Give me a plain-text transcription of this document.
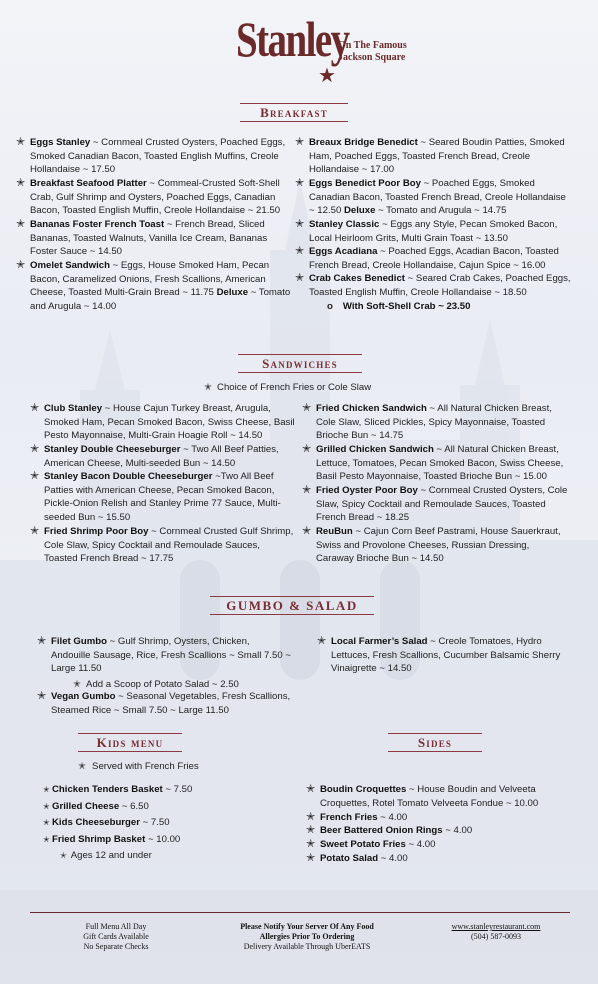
Stanley
★
On The Famous
Jackson Square
Breakfast
✭ Eggs Stanley ~ Cornmeal Crusted Oysters, Poached Eggs, Smoked Canadian Bacon, Toasted English Muffins, Creole Hollandaise ~ 17.50
✭ Breakfast Seafood Platter ~ Commeal-Crusted Soft-Shell Crab, Gulf Shrimp and Oysters, Poached Eggs, Canadian Bacon, Toasted English Muffin, Creole Hollandaise ~ 21.50
✭ Bananas Foster French Toast ~ French Bread, Sliced Bananas, Toasted Walnuts, Vanilla Ice Cream, Bananas Foster Sauce ~ 14.50
✭ Omelet Sandwich ~ Eggs, House Smoked Ham, Pecan Bacon, Caramelized Onions, Fresh Scallions, American Cheese, Toasted Multi-Grain Bread ~ 11.75 Deluxe ~ Tomato and Arugula ~ 14.00
✭ Breaux Bridge Benedict ~ Seared Boudin Patties, Smoked Ham, Poached Eggs, Toasted French Bread, Creole Hollandaise ~ 17.00
✭ Eggs Benedict Poor Boy ~ Poached Eggs, Smoked Canadian Bacon, Toasted French Bread, Creole Hollandaise ~ 12.50 Deluxe ~ Tomato and Arugula ~ 14.75
✭ Stanley Classic ~ Eggs any Style, Pecan Smoked Bacon, Local Heirloom Grits, Multi Grain Toast ~ 13.50
✭ Eggs Acadiana ~ Poached Eggs, Acadian Bacon, Toasted French Bread, Creole Hollandaise, Cajun Spice ~ 16.00
✭ Crab Cakes Benedict ~ Seared Crab Cakes, Poached Eggs, Toasted English Muffin, Creole Hollandaise ~ 18.50
o With Soft-Shell Crab ~ 23.50
Sandwiches
✭ Choice of French Fries or Cole Slaw
✭ Club Stanley ~ House Cajun Turkey Breast, Arugula, Smoked Ham, Pecan Smoked Bacon, Swiss Cheese, Basil Pesto Mayonnaise, Multi-Grain Hoagie Roll ~ 14.50
✭ Stanley Double Cheeseburger ~ Two All Beef Patties, American Cheese, Multi-seeded Bun ~ 14.50
✭ Stanley Bacon Double Cheeseburger ~Two All Beef Patties with American Cheese, Pecan Smoked Bacon, Pickle-Onion Relish and Stanley Prime 77 Sauce, Multi-seeded Bun ~ 15.50
✭ Fried Shrimp Poor Boy ~ Cornmeal Crusted Gulf Shrimp, Cole Slaw, Spicy Cocktail and Remoulade Sauces, Toasted French Bread ~ 17.75
✭ Fried Chicken Sandwich ~ All Natural Chicken Breast, Cole Slaw, Sliced Pickles, Spicy Mayonnaise, Toasted Brioche Bun ~ 14.75
✭ Grilled Chicken Sandwich ~ All Natural Chicken Breast, Lettuce, Tomatoes, Pecan Smoked Bacon, Swiss Cheese, Basil Pesto Mayonnaise, Toasted Brioche Bun ~ 15.00
✭ Fried Oyster Poor Boy ~ Cornmeal Crusted Oysters, Cole Slaw, Spicy Cocktail and Remoulade Sauces, Toasted French Bread ~ 18.25
✭ ReuBun ~ Cajun Corn Beef Pastrami, House Sauerkraut, Swiss and Provolone Cheeses, Russian Dressing, Caraway Brioche Bun ~ 14.50
GUMBO & SALAD
✭ Filet Gumbo ~ Gulf Shrimp, Oysters, Chicken, Andouille Sausage, Rice, Fresh Scallions ~ Small 7.50 ~ Large 11.50
✭ Add a Scoop of Potato Salad ~ 2.50
✭ Vegan Gumbo ~ Seasonal Vegetables, Fresh Scallions, Steamed Rice ~ Small 7.50 ~ Large 11.50
✭ Local Farmer’s Salad ~ Creole Tomatoes, Hydro Lettuces, Fresh Scallions, Cucumber Balsamic Sherry Vinaigrette ~ 14.50
Kids menu
✭ Served with French Fries
✭ Chicken Tenders Basket ~ 7.50
✭ Grilled Cheese ~ 6.50
✭ Kids Cheeseburger ~ 7.50
✭ Fried Shrimp Basket ~ 10.00
✭ Ages 12 and under
Sides
✭ Boudin Croquettes ~ House Boudin and Velveeta Croquettes, Rotel Tomato Velveeta Fondue ~ 10.00
✭ French Fries ~ 4.00
✭ Beer Battered Onion Rings ~ 4.00
✭ Sweet Potato Fries ~ 4.00
✭ Potato Salad ~ 4.00
Full Menu All Day
Gift Cards Available
No Separate Checks
Please Notify Your Server Of Any Food
Allergies Prior To Ordering
Delivery Available Through UberEATS
www.stanleyrestaurant.com
(504) 587-0093
